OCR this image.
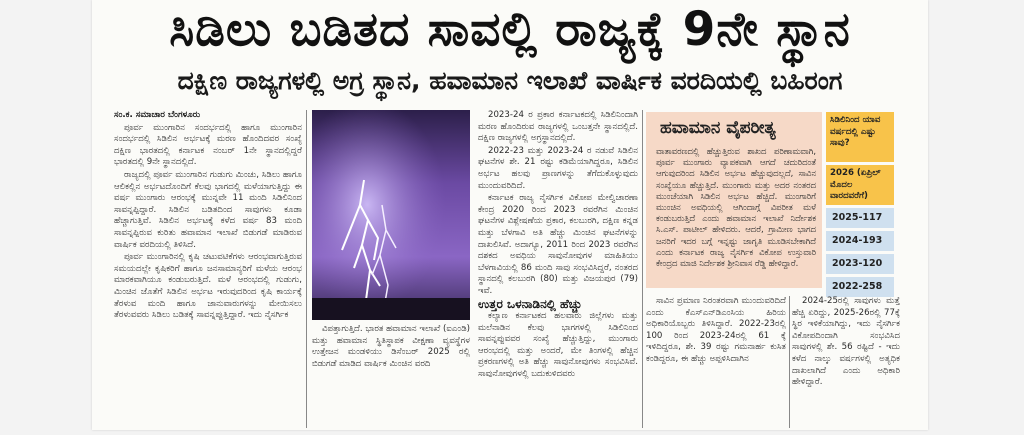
ಸಿಡಿಲು ಬಡಿತದ ಸಾವಲ್ಲಿ ರಾಜ್ಯಕ್ಕೆ 9ನೇ ಸ್ಥಾನ
ದಕ್ಷಿಣ ರಾಜ್ಯಗಳಲ್ಲಿ ಅಗ್ರ ಸ್ಥಾನ, ಹವಾಮಾನ ಇಲಾಖೆ ವಾರ್ಷಿಕ ವರದಿಯಲ್ಲಿ ಬಹಿರಂಗ

ಸಂ.ಕ. ಸಮಾಚಾರ ಬೆಂಗಳೂರು

ಪೂರ್ವ ಮುಂಗಾರಿನ ಸಂದರ್ಭದಲ್ಲಿ ಹಾಗೂ ಮುಂಗಾರಿನ ಸಂದರ್ಭದಲ್ಲಿ ಸಿಡಿಲಿನ ಅರ್ಭಟಕ್ಕೆ ಮರಣ ಹೊಂದಿದವರ ಸಂಖ್ಯೆ ದಕ್ಷಿಣ ಭಾರತದಲ್ಲಿ ಕರ್ನಾಟಕ ನಂಬರ್ 1ನೇ ಸ್ಥಾನದಲ್ಲಿದ್ದರೆ ಭಾರತದಲ್ಲಿ 9ನೇ ಸ್ಥಾನದಲ್ಲಿದೆ.

ರಾಜ್ಯದಲ್ಲಿ ಪೂರ್ವ ಮುಂಗಾರಿನ ಗುಡುಗು ಮಿಂಚು, ಸಿಡಿಲು ಹಾಗೂ ಆಲಿಕಲ್ಲಿನ ಅರ್ಭಟದೊಂದಿಗೆ ಕೆಲವು ಭಾಗದಲ್ಲಿ ಮಳೆಯಾಗುತ್ತಿದ್ದು ಈ ವರ್ಷ ಮುಂಗಾರು ಆರಂಭಕ್ಕೆ ಮುನ್ನವೇ 11 ಮಂದಿ ಸಿಡಿಲಿನಿಂದ ಸಾವನ್ನಪ್ಪಿದ್ದಾರೆ. ಸಿಡಿಲಿನ ಬಡಿತದಿಂದ ಸಾವುಗಳು ಕೂಡಾ ಹೆಚ್ಚಾಗುತ್ತಿವೆ. ಸಿಡಿಲಿನ ಅರ್ಭಟಕ್ಕೆ ಕಳೆದ ವರ್ಷ 83 ಮಂದಿ ಸಾವನ್ನಪ್ಪಿರುವ ಕುರಿತು ಹವಾಮಾನ ಇಲಾಖೆ ಬಿಡುಗಡೆ ಮಾಡಿರುವ ವಾರ್ಷಿಕ ವರದಿಯಲ್ಲಿ ತಿಳಿಸಿದೆ.

ಪೂರ್ವ ಮುಂಗಾರಿನಲ್ಲಿ ಕೃಷಿ ಚಟುವಟಿಕೆಗಳು ಆರಂಭವಾಗುತ್ತಿರುವ ಸಮಯದಲ್ಲೇ ಕೃಷಿಕರಿಗೆ ಹಾಗೂ ಜನಸಾಮಾನ್ಯರಿಗೆ ಮಳೆಯ ಆರಂಭ ಮಾರಕವಾಗಿಯೂ ಕಂಡುಬರುತ್ತಿದೆ. ಮಳೆ ಆರಂಭದಲ್ಲಿ ಗುಡುಗು, ಮಿಂಚಿನ ಜೊತೆಗೆ ಸಿಡಿಲಿನ ಅರ್ಭಟ ಇರುವುದರಿಂದ ಕೃಷಿ ಕಾರ್ಯಕ್ಕೆ ತೆರಳುವ ಮಂದಿ ಹಾಗೂ ಜಾನುವಾರುಗಳನ್ನು ಮೇಯಿಸಲು ತೆರಳುವವರು ಸಿಡಿಲು ಬಡಿತಕ್ಕೆ ಸಾವನ್ನಪ್ಪುತ್ತಿದ್ದಾರೆ. ಇದು ನೈಸರ್ಗಿಕ

ವಿಪತ್ತಾಗುತ್ತಿದೆ. ಭಾರತ ಹವಾಮಾನ ಇಲಾಖೆ (ಐಎಂಡಿ) ಮತ್ತು ಹವಾಮಾನ ಸ್ಥಿತಿಸ್ಥಾಪಕ ವೀಕ್ಷಣಾ ವ್ಯವಸ್ಥೆಗಳ ಉತ್ತೇಜನ ಮಂಡಳಿಯು ಡಿಸೆಂಬರ್ 2025 ರಲ್ಲಿ ಬಿಡುಗಡೆ ಮಾಡಿದ ವಾರ್ಷಿಕ ಮಿಂಚಿನ ವರದಿ

2023-24 ರ ಪ್ರಕಾರ ಕರ್ನಾಟಕದಲ್ಲಿ ಸಿಡಿಲಿನಿಂದಾಗಿ ಮರಣ ಹೊಂದಿರುವ ರಾಜ್ಯಗಳಲ್ಲಿ ಒಂಬತ್ತನೇ ಸ್ಥಾನದಲ್ಲಿದೆ. ದಕ್ಷಿಣ ರಾಜ್ಯಗಳಲ್ಲಿ ಅಗ್ರಸ್ಥಾನದಲ್ಲಿದೆ.

2022-23 ಮತ್ತು 2023-24 ರ ನಡುವೆ ಸಿಡಿಲಿನ ಘಟನೆಗಳ ಶೇ. 21 ರಷ್ಟು ಕಡಿಮೆಯಾಗಿದ್ದರೂ, ಸಿಡಿಲಿನ ಅರ್ಭಟ ಹಲವು ಪ್ರಾಣಗಳನ್ನು ತೆಗೆದುಕೊಳ್ಳುವುದು ಮುಂದುವರಿದಿದೆ.

ಕರ್ನಾಟಕ ರಾಜ್ಯ ನೈಸರ್ಗಿಕ ವಿಕೋಪ ಮೇಲ್ವಿಚಾರಣಾ ಕೇಂದ್ರ 2020 ರಿಂದ 2023 ರವರೆಗಿನ ಮಿಂಚಿನ ಘಟನೆಗಳ ವಿಶ್ಲೇಷಣೆಯ ಪ್ರಕಾರ, ಕಲಬುರಗಿ, ದಕ್ಷಿಣ ಕನ್ನಡ ಮತ್ತು ಬೆಳಗಾವಿ ಅತಿ ಹೆಚ್ಚು ಮಿಂಚಿನ ಘಟನೆಗಳನ್ನು ದಾಖಲಿಸಿವೆ. ಅದಾಗ್ಯೂ, 2011 ರಿಂದ 2023 ರವರೆಗಿನ ದಶಕದ ಅವಧಿಯ ಸಾವುನೋವುಗಳ ಮಾಹಿತಿಯು ಬೆಳಗಾವಿಯಲ್ಲಿ 86 ಮಂದಿ ಸಾವು ಸಂಭವಿಸಿದ್ದರೆ, ನಂತರದ ಸ್ಥಾನದಲ್ಲಿ ಕಲಬುರಗಿ (80) ಮತ್ತು ವಿಜಯಪುರ (79) ಇವೆ.

ಉತ್ತರ ಒಳನಾಡಿನಲ್ಲಿ ಹೆಚ್ಚು

ಕಲ್ಯಾಣ ಕರ್ನಾಟಕದ ಹಲವಾರು ಜಿಲ್ಲೆಗಳು ಮತ್ತು ಮಲೆನಾಡಿನ ಕೆಲವು ಭಾಗಗಳಲ್ಲಿ ಸಿಡಿಲಿನಿಂದ ಸಾವನ್ನಪ್ಪುವವರ ಸಂಖ್ಯೆ ಹೆಚ್ಚುತ್ತಿದ್ದು, ಮುಂಗಾರು ಆರಂಭದಲ್ಲಿ ಮತ್ತು ಅಂದರೆ, ಮೇ ತಿಂಗಳಲ್ಲಿ ಹೆಚ್ಚಿನ ಪ್ರಕರಣಗಳಲ್ಲಿ ಅತಿ ಹೆಚ್ಚು ಸಾವುನೋವುಗಳು ಸಂಭವಿಸಿವೆ. ಸಾವುನೋವುಗಳಲ್ಲಿ ಬದುಕುಳಿದವರು

ಹವಾಮಾನ ವೈಪರೀತ್ಯ
ವಾತಾವರಣದಲ್ಲಿ ಹೆಚ್ಚುತ್ತಿರುವ ಶಾಖದ ಪರಿಣಾಮವಾಗಿ, ಪೂರ್ವ ಮುಂಗಾರು ವ್ಯಾಪಕವಾಗಿ ಆಗದೆ ಚದುರಿದಂತೆ ಆಗುವುದರಿಂದ ಸಿಡಿಲಿನ ಅರ್ಭಟ ಹೆಚ್ಚುವುದಲ್ಲದೆ, ಸಾವಿನ ಸಂಖ್ಯೆಯೂ ಹೆಚ್ಚುತ್ತಿದೆ. ಮುಂಗಾರು ಮತ್ತು ಅದರ ನಂತರದ ಮುಂಚೆಯಾಗಿ ಸಿಡಿಲಿನ ಅರ್ಭಟ ಹೆಚ್ಚಿದೆ. ಮುಂಗಾರಿಗೆ ಮುಂಚಿನ ಅವಧಿಯಲ್ಲಿ ಆಗಿಂದಾಗ್ಗೆ ವಿಪರೀತ ಮಳೆ ಕಂಡುಬರುತ್ತಿದೆ ಎಂದು ಹವಾಮಾನ ಇಲಾಖೆ ನಿರ್ದೇಶಕ ಸಿ.ಎಸ್. ಪಾಟೀಲ್ ಹೇಳಿದರು. ಆದರೆ, ಗ್ರಾಮೀಣ ಭಾಗದ ಜನರಿಗೆ ಇದರ ಬಗ್ಗೆ ಇನ್ನಷ್ಟು ಜಾಗೃತಿ ಮೂಡಿಸಬೇಕಾಗಿದೆ ಎಂದು ಕರ್ನಾಟಕ ರಾಜ್ಯ ನೈಸರ್ಗಿಕ ವಿಕೋಪ ಉಸ್ತುವಾರಿ ಕೇಂದ್ರದ ಮಾಜಿ ನಿರ್ದೇಶಕ ಶ್ರೀನಿವಾಸ ರೆಡ್ಡಿ ಹೇಳಿದ್ದಾರೆ.
ಸಿಡಿಲಿನಿಂದ ಯಾವ ವರ್ಷದಲ್ಲಿ ಎಷ್ಟು ಸಾವು?
2026 (ಏಪ್ರಿಲ್ ಮೊದಲ ವಾರದವರೆಗೆ)
2025-117
2024-193
2023-120
2022-258

ಸಾವಿನ ಪ್ರಮಾಣ ನಿರಂತರವಾಗಿ ಮುಂದುವರಿದಿದೆ ಎಂದು ಕೆಎಸ್‌ಎನ್‌ಡಿಎಂಸಿಯ ಹಿರಿಯ ಅಧಿಕಾರಿಯೊಬ್ಬರು ತಿಳಿಸಿದ್ದಾರೆ. 2022-23ರಲ್ಲಿ 100 ರಿಂದ 2023-24ರಲ್ಲಿ 61 ಕ್ಕೆ ಇಳಿದಿದ್ದರೂ, ಶೇ. 39 ರಷ್ಟು ಗಮನಾರ್ಹ ಕುಸಿತ ಕಂಡಿದ್ದರೂ, ಈ ಹೆಚ್ಚು ಅಪ್ಪಳಿಸಿದಾಗಿನ

2024-25ರಲ್ಲಿ ಸಾವುಗಳು ಮತ್ತೆ ಹೆಚ್ಚಿ ಏರಿದ್ದು, 2025-26ರಲ್ಲಿ 77ಕ್ಕೆ ಸ್ಥಿರ ಇಳಿಕೆಯಾಗಿದ್ದು, ಇದು ನೈಸರ್ಗಿಕ ವಿಕೋಪದಿಂದಾಗಿ ಸಂಭವಿಸಿದ ಸಾವುಗಳಲ್ಲಿ ಶೇ. 56 ರಷ್ಟಿದೆ - ಇದು ಕಳೆದ ನಾಲ್ಕು ವರ್ಷಗಳಲ್ಲಿ ಅತ್ಯಧಿಕ ದಾಖಲಾಗಿದೆ ಎಂದು ಅಧಿಕಾರಿ ಹೇಳಿದ್ದಾರೆ.
